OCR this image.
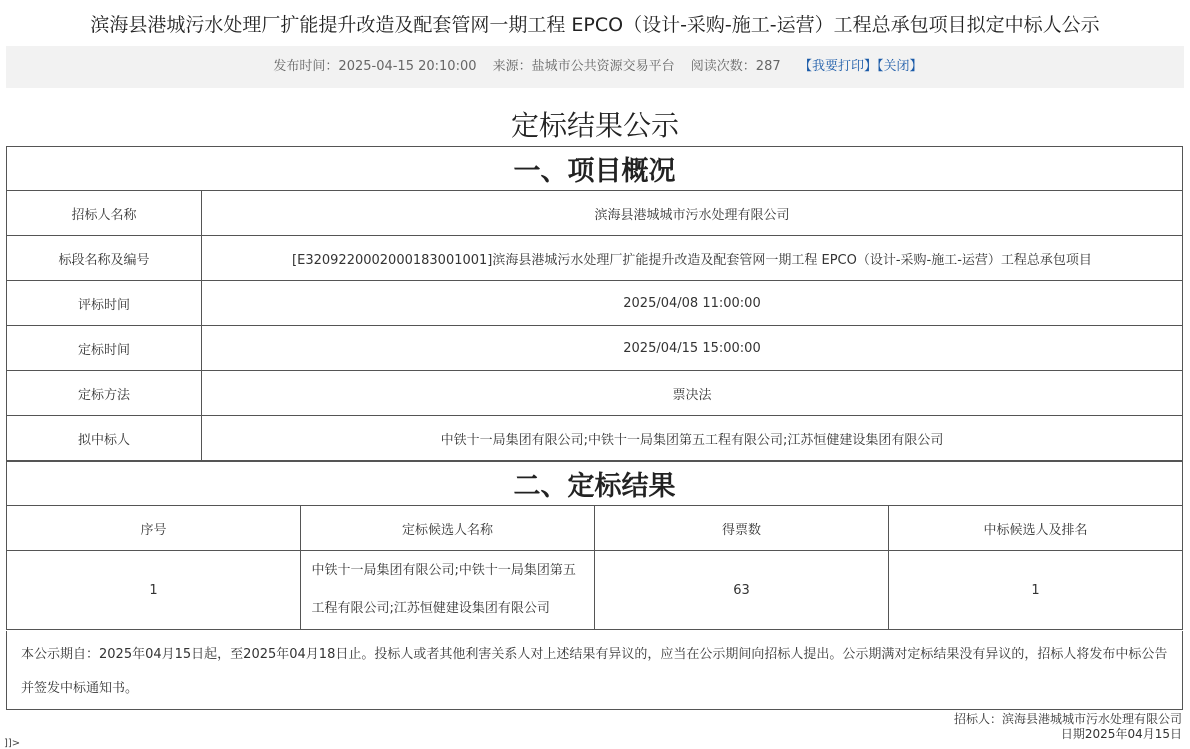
滨海县港城污水处理厂扩能提升改造及配套管网一期工程 EPCO（设计-采购-施工-运营）工程总承包项目拟定中标人公示
发布时间：2025-04-15 20:10:00 来源：盐城市公共资源交易平台 阅读次数：287 【我要打印】【关闭】
定标结果公示
一、项目概况	
招标人名称	滨海县港城城市污水处理有限公司
标段名称及编号	[E3209220002000183001001]滨海县港城污水处理厂扩能提升改造及配套管网一期工程 EPCO（设计-采购-施工-运营）工程总承包项目
评标时间	2025/04/08 11:00:00
定标时间	2025/04/15 15:00:00
定标方法	票决法
拟中标人	中铁十一局集团有限公司;中铁十一局集团第五工程有限公司;江苏恒健建设集团有限公司
二、定标结果			
序号	定标候选人名称	得票数	中标候选人及排名
1	中铁十一局集团有限公司;中铁十一局集团第五工程有限公司;江苏恒健建设集团有限公司	63	1
本公示期自：2025年04月15日起，至2025年04月18日止。投标人或者其他利害关系人对上述结果有异议的，应当在公示期间向招标人提出。公示期满对定标结果没有异议的，招标人将发布中标公告并签发中标通知书。
招标人：滨海县港城城市污水处理有限公司
日期2025年04月15日
]]>
